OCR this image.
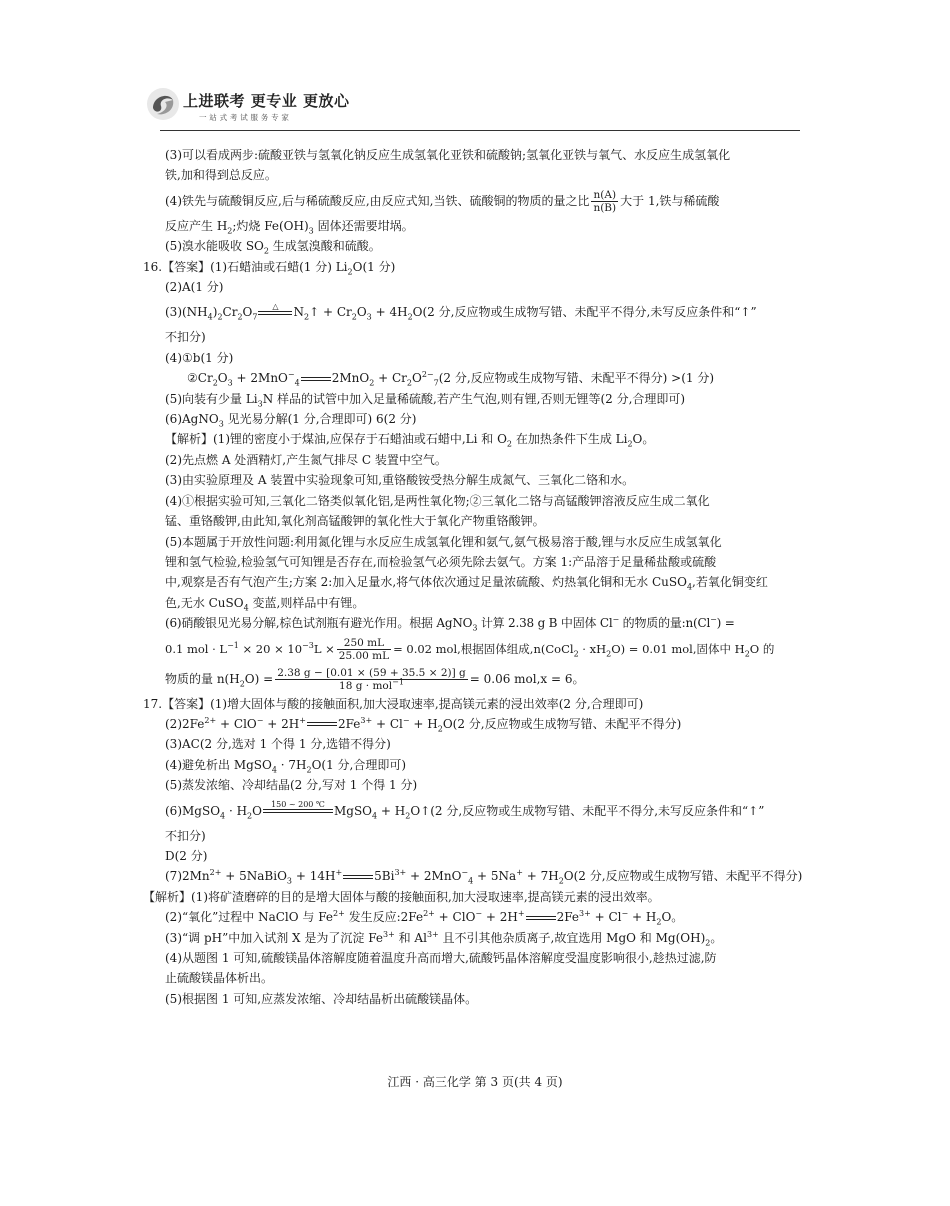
上进联考 更专业 更放心
一站式考试服务专家

(3)可以看成两步:硫酸亚铁与氢氧化钠反应生成氢氧化亚铁和硫酸钠;氢氧化亚铁与氧气、水反应生成氢氧化

铁,加和得到总反应。

(4)铁先与硫酸铜反应,后与稀硫酸反应,由反应式知,当铁、硫酸铜的物质的量之比 $\frac{n(A)}{n(B)}$ 大于 1,铁与稀硫酸

反应产生 $H_2$;灼烧 $Fe(OH)_3$ 固体还需要坩埚。

(5)溴水能吸收 $SO_2$ 生成氢溴酸和硫酸。

16.【答案】(1)石蜡油或石蜡(1 分) $Li_2O(1$ 分)

(2)A(1 分)

$(3)(NH_4)_2Cr_2O_7$
△
	$N_2↑ + Cr_2O_3 + 4H_2O(2$ 分,反应物或生成物写错、未配平不得分,未写反应条件和“↑”

不扣分)

(4)①b(1 分)

$②Cr_2O_3 + 2MnO^-_4$	$2MnO_2 + Cr_2O^{2-}_7(2$ 分,反应物或生成物写错、未配平不得分) >(1 分)

(5)向装有少量 $Li_3N$ 样品的试管中加入足量稀硫酸,若产生气泡,则有锂,否则无锂等(2 分,合理即可)

(6)AgNO$_3$ 见光易分解(1 分,合理即可) 6(2 分)

【解析】(1)锂的密度小于煤油,应保存于石蜡油或石蜡中,Li 和 $O_2$ 在加热条件下生成 $Li_2O$。

(2)先点燃 A 处酒精灯,产生氮气排尽 C 装置中空气。

(3)由实验原理及 A 装置中实验现象可知,重铬酸铵受热分解生成氮气、三氧化二铬和水。

(4)①根据实验可知,三氧化二铬类似氧化铝,是两性氧化物;②三氧化二铬与高锰酸钾溶液反应生成二氧化

锰、重铬酸钾,由此知,氧化剂高锰酸钾的氧化性大于氧化产物重铬酸钾。

(5)本题属于开放性问题:利用氮化锂与水反应生成氢氧化锂和氨气,氨气极易溶于酸,锂与水反应生成氢氧化

锂和氢气检验,检验氢气可知锂是否存在,而检验氢气必须先除去氨气。方案 1:产品溶于足量稀盐酸或硫酸

中,观察是否有气泡产生;方案 2:加入足量水,将气体依次通过足量浓硫酸、灼热氧化铜和无水 CuSO$_4$,若氧化铜变红

色,无水 CuSO$_4$ 变蓝,则样品中有锂。

(6)硝酸银见光易分解,棕色试剂瓶有避光作用。根据 AgNO$_3$ 计算 2.38 g B 中固体 Cl− 的物质的量:n(Cl−) =

0.1 mol · $L^{-1} \times 20 \times 10^{-3}L \times \frac{250 mL}{25.00 mL} = 0.02$ mol,根据固体组成,n(CoCl$_2$ · $xH_2O) = 0.01$ mol,固体中 $H_2O$ 的

物质的量 $n(H_2O) = \frac{2.38 g - [0.01 \times (59 + 35.5 \times 2)] g}{18 g \cdot mol^{-1}} = 0.06$ mol,x = 6。

17.【答案】(1)增大固体与酸的接触面积,加大浸取速率,提高镁元素的浸出效率(2 分,合理即可)

$(2)2Fe^{2+} + ClO^- + 2H^+$	$2Fe^{3+} + Cl^- + H_2O(2$ 分,反应物或生成物写错、未配平不得分)

(3)AC(2 分,选对 1 个得 1 分,选错不得分)

(4)避免析出 MgSO$_4$ · $7H_2O(1$ 分,合理即可)

(5)蒸发浓缩、冷却结晶(2 分,写对 1 个得 1 分)

(6)MgSO$_4$ · $H_2O$	150 ~ 200 ℃
MgSO$_4$ + $H_2O↑(2$ 分,反应物或生成物写错、未配平不得分,未写反应条件和“↑”

不扣分)

D(2 分)

$(7)2Mn^{2+}$ + 5NaBiO$_3$ + 14H+	$5Bi^{3+} + 2MnO^-_4 + 5Na^+ + 7H_2O(2$ 分,反应物或生成物写错、未配平不得分)

【解析】(1)将矿渣磨碎的目的是增大固体与酸的接触面积,加大浸取速率,提高镁元素的浸出效率。

(2)“氧化”过程中 NaClO 与 $Fe^{2+}$ 发生反应$:2Fe^{2+} + ClO^- + 2H^+$	$2Fe^{3+} + Cl^- + H_2O$。

(3)“调 pH”中加入试剂 X 是为了沉淀 $Fe^{3+}$ 和 $Al^{3+}$ 且不引其他杂质离子,故宜选用 MgO 和 $Mg(OH)_2$。

(4)从题图 1 可知,硫酸镁晶体溶解度随着温度升高而增大,硫酸钙晶体溶解度受温度影响很小,趁热过滤,防

止硫酸镁晶体析出。

(5)根据图 1 可知,应蒸发浓缩、冷却结晶析出硫酸镁晶体。

江西 · 高三化学 第 3 页(共 4 页)
